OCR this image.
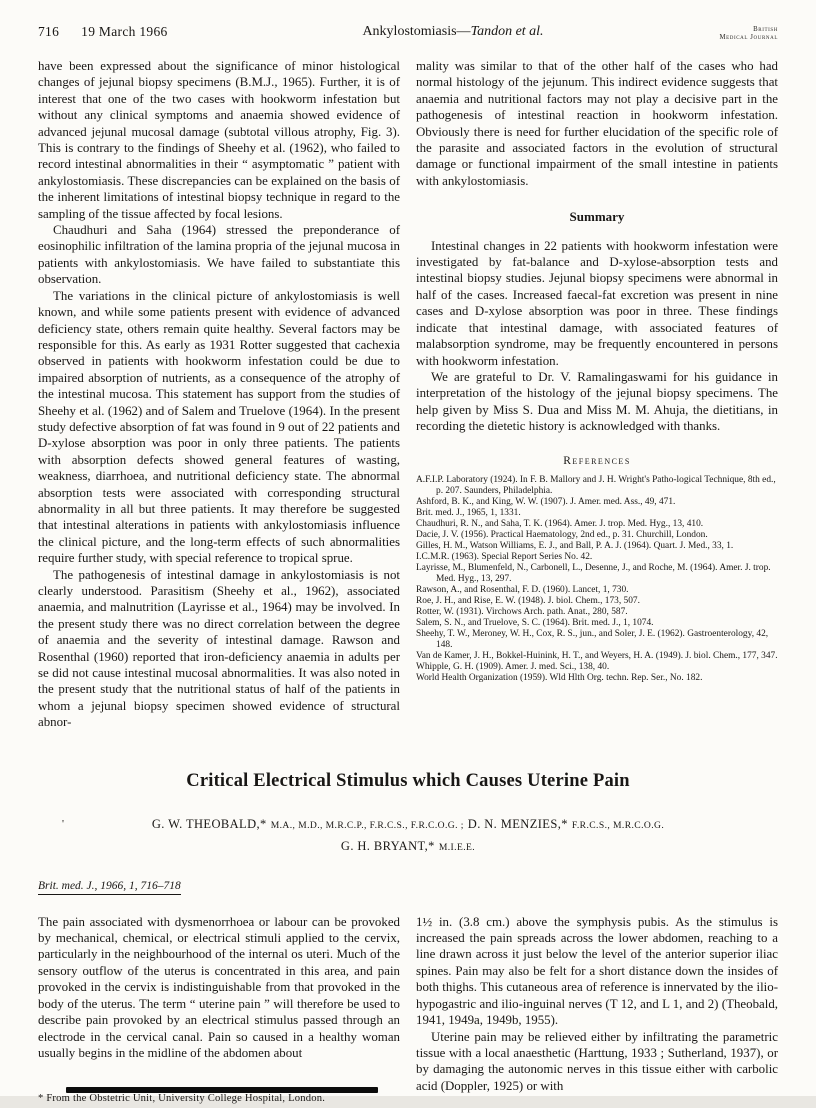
716 19 March 1966	Ankylostomiasis—Tandon et al.	British
Medical Journal

have been expressed about the significance of minor histological changes of jejunal biopsy specimens (B.M.J., 1965). Further, it is of interest that one of the two cases with hookworm infestation but without any clinical symptoms and anaemia showed evidence of advanced jejunal mucosal damage (subtotal villous atrophy, Fig. 3). This is contrary to the findings of Sheehy et al. (1962), who failed to record intestinal abnormalities in their “ asymptomatic ” patient with ankylostomiasis. These discrepancies can be explained on the basis of the inherent limitations of intestinal biopsy technique in regard to the sampling of the tissue affected by focal lesions.

Chaudhuri and Saha (1964) stressed the preponderance of eosinophilic infiltration of the lamina propria of the jejunal mucosa in patients with ankylostomiasis. We have failed to substantiate this observation.

The variations in the clinical picture of ankylostomiasis is well known, and while some patients present with evidence of advanced deficiency state, others remain quite healthy. Several factors may be responsible for this. As early as 1931 Rotter suggested that cachexia observed in patients with hookworm infestation could be due to impaired absorption of nutrients, as a consequence of the atrophy of the intestinal mucosa. This statement has support from the studies of Sheehy et al. (1962) and of Salem and Truelove (1964). In the present study defective absorption of fat was found in 9 out of 22 patients and D-xylose absorption was poor in only three patients. The patients with absorption defects showed general features of wasting, weakness, diarrhoea, and nutritional deficiency state. The abnormal absorption tests were associated with corresponding structural abnormality in all but three patients. It may therefore be suggested that intestinal alterations in patients with ankylostomiasis influence the clinical picture, and the long-term effects of such abnormalities require further study, with special reference to tropical sprue.

The pathogenesis of intestinal damage in ankylostomiasis is not clearly understood. Parasitism (Sheehy et al., 1962), associated anaemia, and malnutrition (Layrisse et al., 1964) may be involved. In the present study there was no direct correlation between the degree of anaemia and the severity of intestinal damage. Rawson and Rosenthal (1960) reported that iron-deficiency anaemia in adults per se did not cause intestinal mucosal abnormalities. It was also noted in the present study that the nutritional status of half of the patients in whom a jejunal biopsy specimen showed evidence of structural abnor-

mality was similar to that of the other half of the cases who had normal histology of the jejunum. This indirect evidence suggests that anaemia and nutritional factors may not play a decisive part in the pathogenesis of intestinal reaction in hookworm infestation. Obviously there is need for further elucidation of the specific role of the parasite and associated factors in the evolution of structural damage or functional impairment of the small intestine in patients with ankylostomiasis.

Summary

Intestinal changes in 22 patients with hookworm infestation were investigated by fat-balance and D-xylose-absorption tests and intestinal biopsy studies. Jejunal biopsy specimens were abnormal in half of the cases. Increased faecal-fat excretion was present in nine cases and D-xylose absorption was poor in three. These findings indicate that intestinal damage, with associated features of malabsorption syndrome, may be frequently encountered in persons with hookworm infestation.

We are grateful to Dr. V. Ramalingaswami for his guidance in interpretation of the histology of the jejunal biopsy specimens. The help given by Miss S. Dua and Miss M. M. Ahuja, the dietitians, in recording the dietetic history is acknowledged with thanks.

References
A.F.I.P. Laboratory (1924). In F. B. Mallory and J. H. Wright's Patho-logical Technique, 8th ed., p. 207. Saunders, Philadelphia.
Ashford, B. K., and King, W. W. (1907). J. Amer. med. Ass., 49, 471.
Brit. med. J., 1965, 1, 1331.
Chaudhuri, R. N., and Saha, T. K. (1964). Amer. J. trop. Med. Hyg., 13, 410.
Dacie, J. V. (1956). Practical Haematology, 2nd ed., p. 31. Churchill, London.
Gilles, H. M., Watson Williams, E. J., and Ball, P. A. J. (1964). Quart. J. Med., 33, 1.
I.C.M.R. (1963). Special Report Series No. 42.
Layrisse, M., Blumenfeld, N., Carbonell, L., Desenne, J., and Roche, M. (1964). Amer. J. trop. Med. Hyg., 13, 297.
Rawson, A., and Rosenthal, F. D. (1960). Lancet, 1, 730.
Roe, J. H., and Rise, E. W. (1948). J. biol. Chem., 173, 507.
Rotter, W. (1931). Virchows Arch. path. Anat., 280, 587.
Salem, S. N., and Truelove, S. C. (1964). Brit. med. J., 1, 1074.
Sheehy, T. W., Meroney, W. H., Cox, R. S., jun., and Soler, J. E. (1962). Gastroenterology, 42, 148.
Van de Kamer, J. H., Bokkel-Huinink, H. T., and Weyers, H. A. (1949). J. biol. Chem., 177, 347.
Whipple, G. H. (1909). Amer. J. med. Sci., 138, 40.
World Health Organization (1959). Wld Hlth Org. techn. Rep. Ser., No. 182.
Critical Electrical Stimulus which Causes Uterine Pain
'	G. W. THEOBALD,* M.A., M.D., M.R.C.P., F.R.C.S., F.R.C.O.G. ; D. N. MENZIES,* F.R.C.S., M.R.C.O.G.
G. H. BRYANT,* M.I.E.E.
Brit. med. J., 1966, 1, 716–718

The pain associated with dysmenorrhoea or labour can be provoked by mechanical, chemical, or electrical stimuli applied to the cervix, particularly in the neighbourhood of the internal os uteri. Much of the sensory outflow of the uterus is concentrated in this area, and pain provoked in the cervix is indistinguishable from that provoked in the body of the uterus. The term “ uterine pain ” will therefore be used to describe pain provoked by an electrical stimulus passed through an electrode in the cervical canal. Pain so caused in a healthy woman usually begins in the midline of the abdomen about

* From the Obstetric Unit, University College Hospital, London.

1½ in. (3.8 cm.) above the symphysis pubis. As the stimulus is increased the pain spreads across the lower abdomen, reaching to a line drawn across it just below the level of the anterior superior iliac spines. Pain may also be felt for a short distance down the insides of both thighs. This cutaneous area of reference is innervated by the ilio-hypogastric and ilio-inguinal nerves (T 12, and L 1, and 2) (Theobald, 1941, 1949a, 1949b, 1955).

Uterine pain may be relieved either by infiltrating the parametric tissue with a local anaesthetic (Harttung, 1933 ; Sutherland, 1937), or by damaging the autonomic nerves in this tissue either with carbolic acid (Doppler, 1925) or with
